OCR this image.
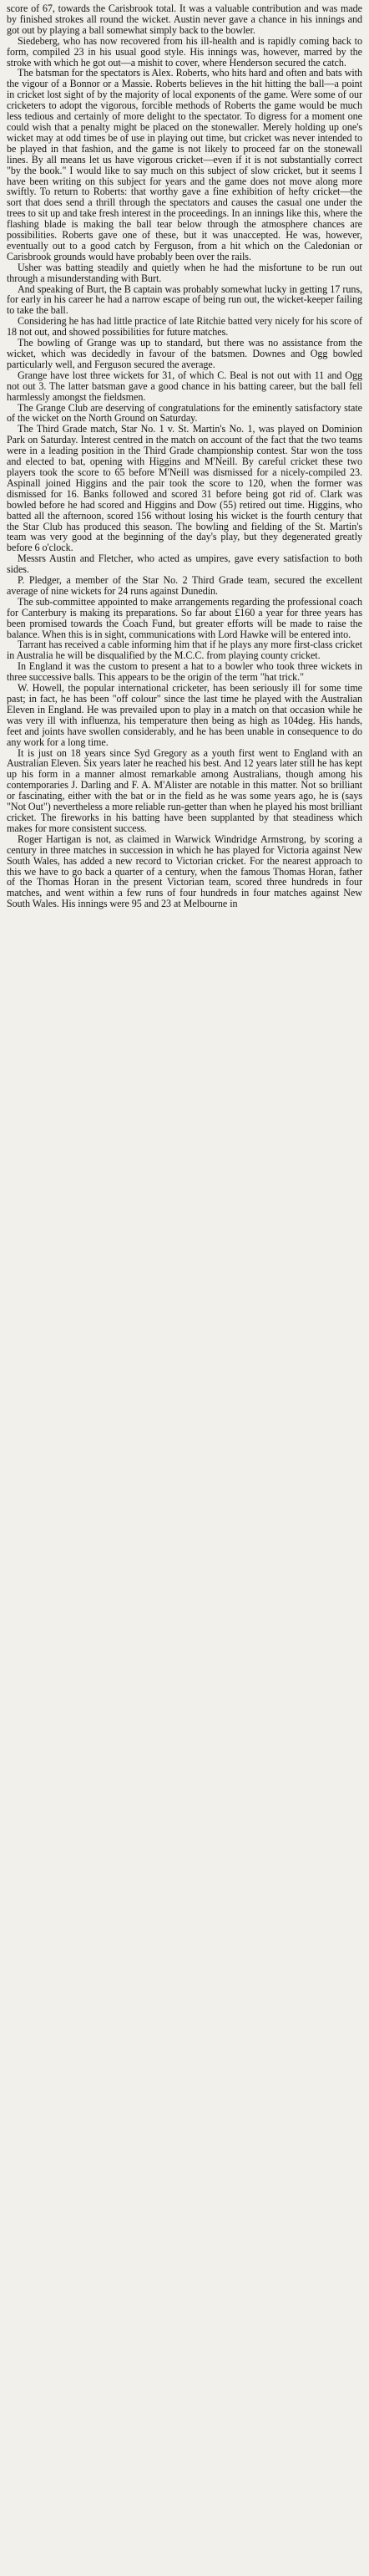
score of 67, towards the Carisbrook total. It was a valuable contribution and was made by finished strokes all round the wicket. Austin never gave a chance in his innings and got out by playing a ball somewhat simply back to the bowler.

Siedeberg, who has now recovered from his ill-health and is rapidly coming back to form, compiled 23 in his usual good style. His innings was, however, marred by the stroke with which he got out—a mishit to cover, where Henderson secured the catch.

The batsman for the spectators is Alex. Roberts, who hits hard and often and bats with the vigour of a Bonnor or a Massie. Roberts believes in the hit hitting the ball—a point in cricket lost sight of by the majority of local exponents of the game. Were some of our cricketers to adopt the vigorous, forcible methods of Roberts the game would be much less tedious and certainly of more delight to the spectator. To digress for a moment one could wish that a penalty might be placed on the stonewaller. Merely holding up one's wicket may at odd times be of use in playing out time, but cricket was never intended to be played in that fashion, and the game is not likely to proceed far on the stonewall lines. By all means let us have vigorous cricket—even if it is not substantially correct "by the book." I would like to say much on this subject of slow cricket, but it seems I have been writing on this subject for years and the game does not move along more swiftly. To return to Roberts: that worthy gave a fine exhibition of hefty cricket—the sort that does send a thrill through the spectators and causes the casual one under the trees to sit up and take fresh interest in the proceedings. In an innings like this, where the flashing blade is making the ball tear below through the atmosphere chances are possibilities. Roberts gave one of these, but it was unaccepted. He was, however, eventually out to a good catch by Ferguson, from a hit which on the Caledonian or Carisbrook grounds would have probably been over the rails.

Usher was batting steadily and quietly when he had the misfortune to be run out through a misunderstanding with Burt.

And speaking of Burt, the B captain was probably somewhat lucky in getting 17 runs, for early in his career he had a narrow escape of being run out, the wicket-keeper failing to take the ball.

Considering he has had little practice of late Ritchie batted very nicely for his score of 18 not out, and showed possibilities for future matches.

The bowling of Grange was up to standard, but there was no assistance from the wicket, which was decidedly in favour of the batsmen. Downes and Ogg bowled particularly well, and Ferguson secured the average.

Grange have lost three wickets for 31, of which C. Beal is not out with 11 and Ogg not out 3. The latter batsman gave a good chance in his batting career, but the ball fell harmlessly amongst the fieldsmen.

The Grange Club are deserving of congratulations for the eminently satisfactory state of the wicket on the North Ground on Saturday.

The Third Grade match, Star No. 1 v. St. Martin's No. 1, was played on Dominion Park on Saturday. Interest centred in the match on account of the fact that the two teams were in a leading position in the Third Grade championship contest. Star won the toss and elected to bat, opening with Higgins and M'Neill. By careful cricket these two players took the score to 65 before M'Neill was dismissed for a nicely-compiled 23. Aspinall joined Higgins and the pair took the score to 120, when the former was dismissed for 16. Banks followed and scored 31 before being got rid of. Clark was bowled before he had scored and Higgins and Dow (55) retired out time. Higgins, who batted all the afternoon, scored 156 without losing his wicket is the fourth century that the Star Club has produced this season. The bowling and fielding of the St. Martin's team was very good at the beginning of the day's play, but they degenerated greatly before 6 o'clock.

Messrs Austin and Fletcher, who acted as umpires, gave every satisfaction to both sides.

P. Pledger, a member of the Star No. 2 Third Grade team, secured the excellent average of nine wickets for 24 runs against Dunedin.

The sub-committee appointed to make arrangements regarding the professional coach for Canterbury is making its preparations. So far about £160 a year for three years has been promised towards the Coach Fund, but greater efforts will be made to raise the balance. When this is in sight, communications with Lord Hawke will be entered into.

Tarrant has received a cable informing him that if he plays any more first-class cricket in Australia he will be disqualified by the M.C.C. from playing county cricket.

In England it was the custom to present a hat to a bowler who took three wickets in three successive balls. This appears to be the origin of the term "hat trick."

W. Howell, the popular international cricketer, has been seriously ill for some time past; in fact, he has been "off colour" since the last time he played with the Australian Eleven in England. He was prevailed upon to play in a match on that occasion while he was very ill with influenza, his temperature then being as high as 104deg. His hands, feet and joints have swollen considerably, and he has been unable in consequence to do any work for a long time.

It is just on 18 years since Syd Gregory as a youth first went to England with an Australian Eleven. Six years later he reached his best. And 12 years later still he has kept up his form in a manner almost remarkable among Australians, though among his contemporaries J. Darling and F. A. M'Alister are notable in this matter. Not so brilliant or fascinating, either with the bat or in the field as he was some years ago, he is (says "Not Out") nevertheless a more reliable run-getter than when he played his most brilliant cricket. The fireworks in his batting have been supplanted by that steadiness which makes for more consistent success.

Roger Hartigan is not, as claimed in Warwick Windridge Armstrong, by scoring a century in three matches in succession in which he has played for Victoria against New South Wales, has added a new record to Victorian cricket. For the nearest approach to this we have to go back a quarter of a century, when the famous Thomas Horan, father of the Thomas Horan in the present Victorian team, scored three hundreds in four matches, and went within a few runs of four hundreds in four matches against New South Wales. His innings were 95 and 23 at Melbourne in
